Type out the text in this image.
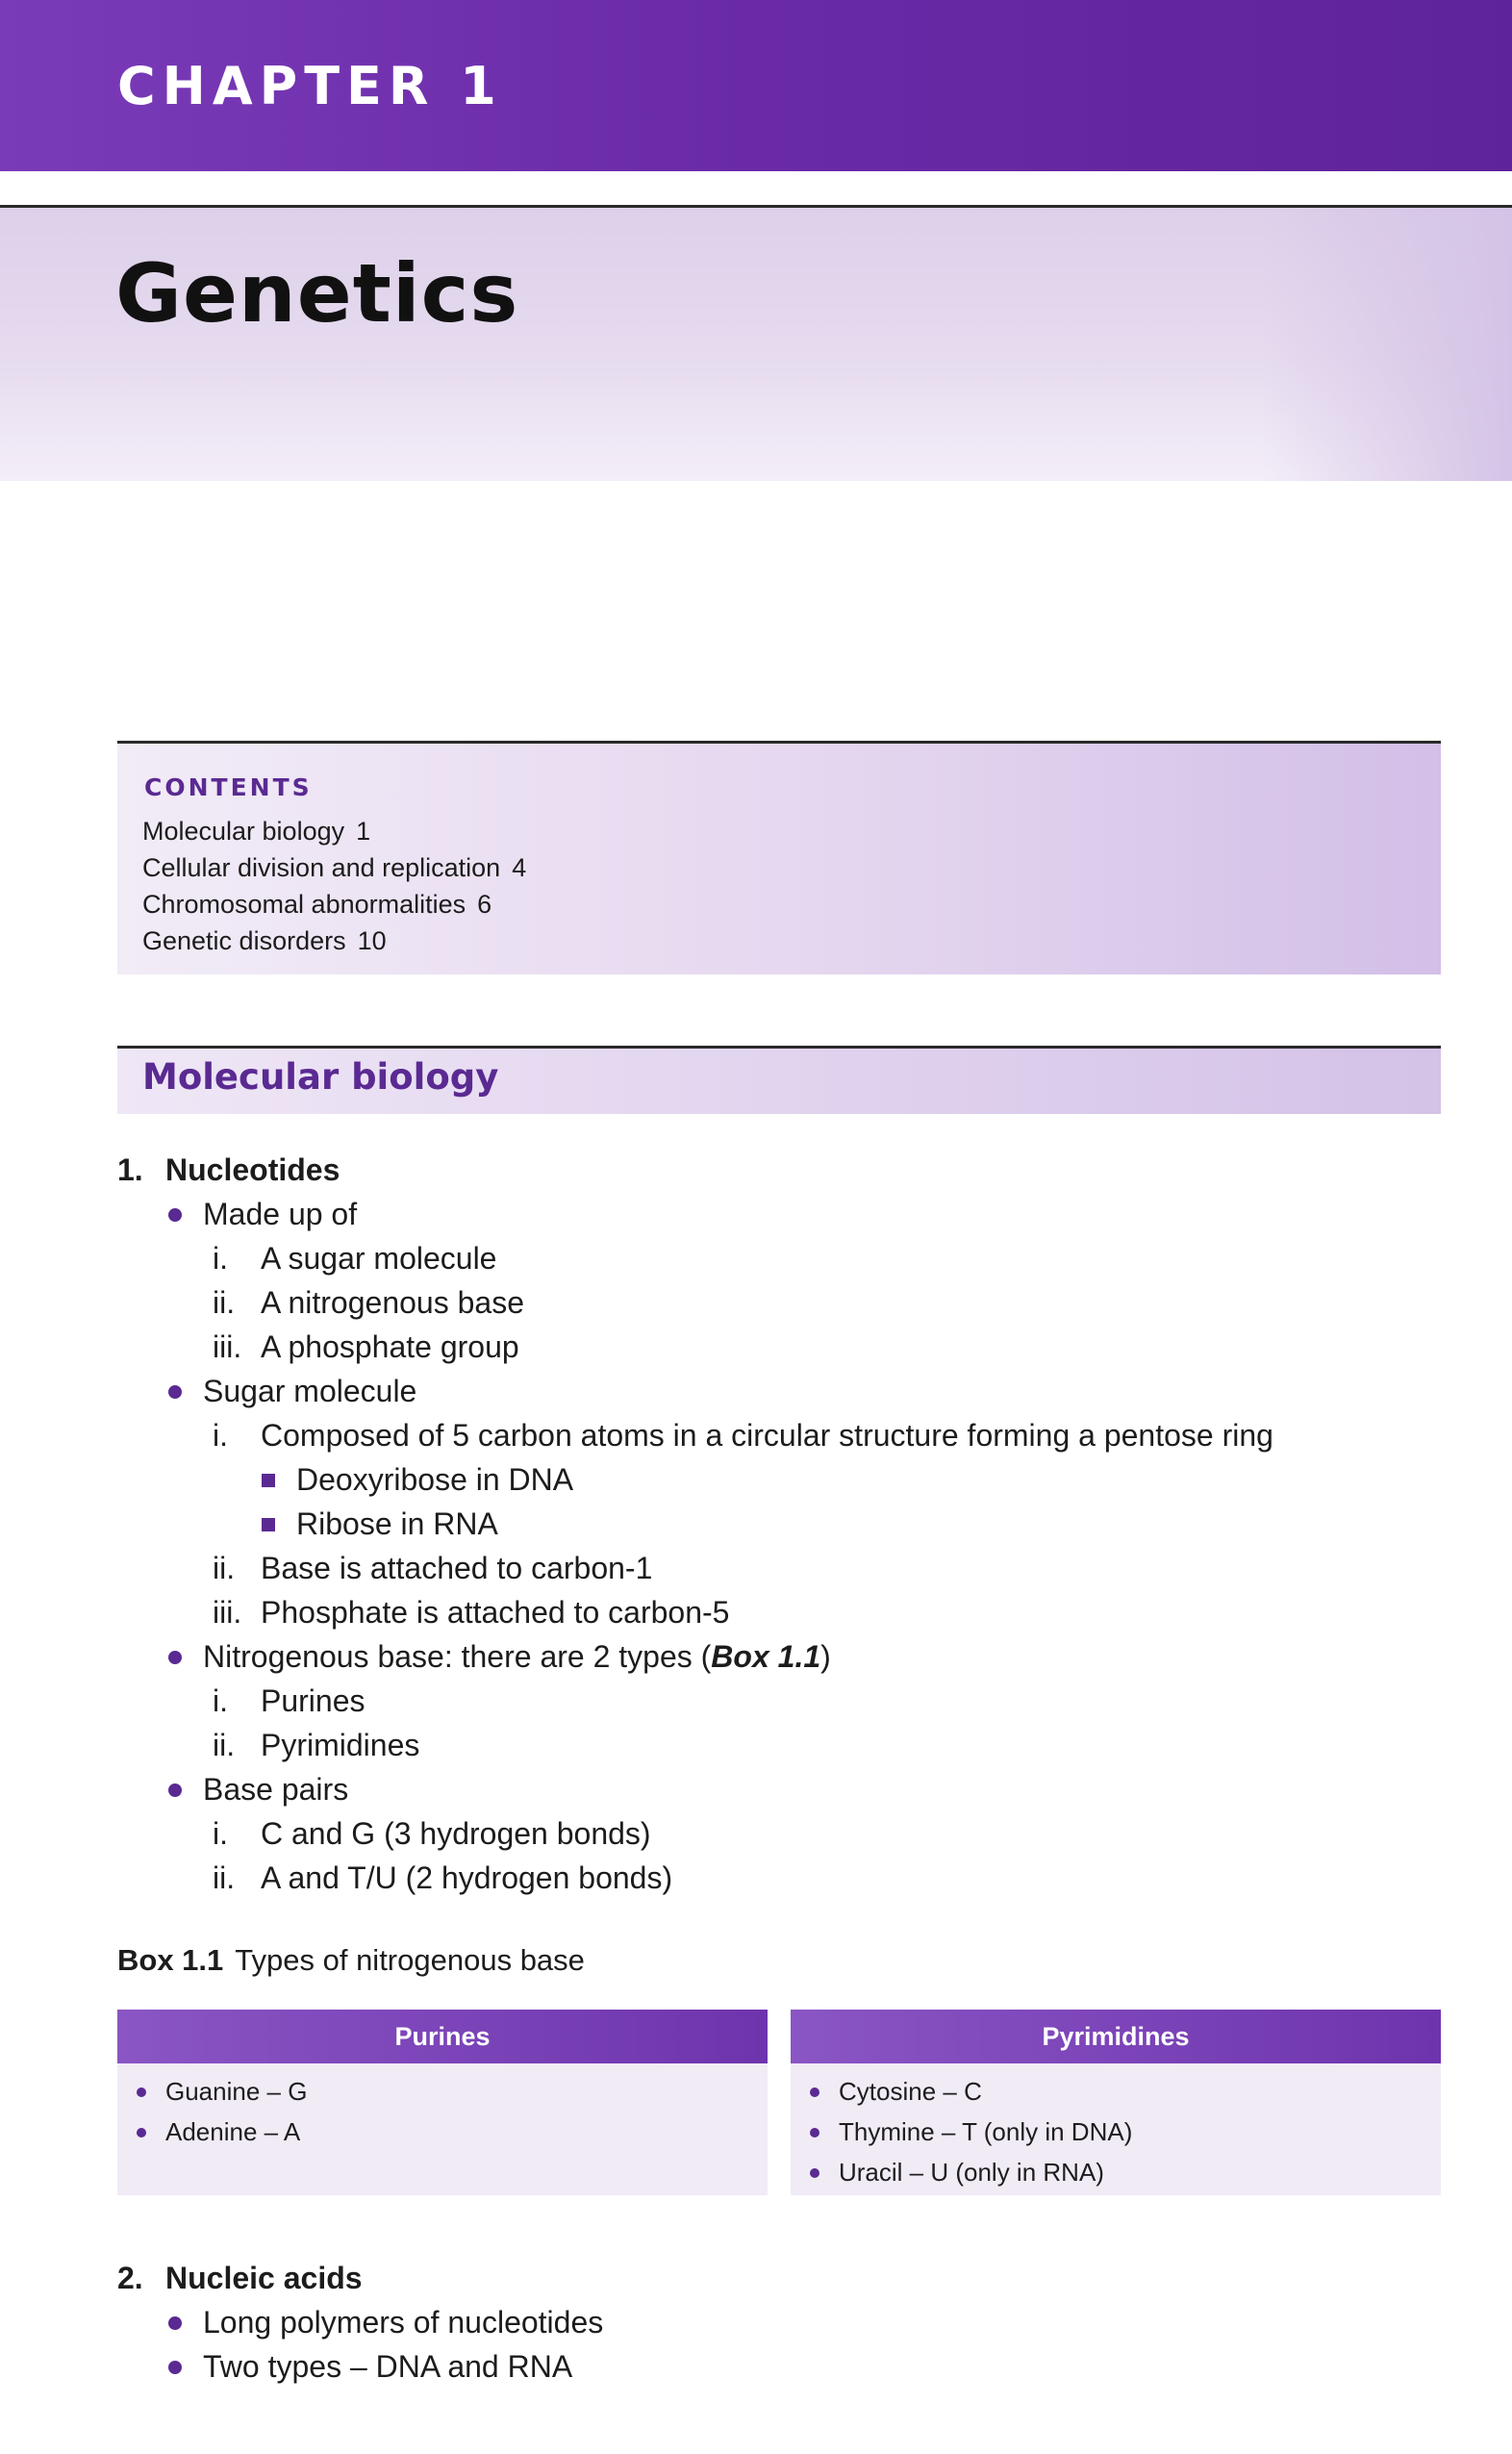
CHAPTER 1
Genetics
CONTENTS
Molecular biology 1
Cellular division and replication 4
Chromosomal abnormalities 6
Genetic disorders 10
Molecular biology
1. Nucleotides
Made up of
i. A sugar molecule
ii. A nitrogenous base
iii. A phosphate group
Sugar molecule
i. Composed of 5 carbon atoms in a circular structure forming a pentose ring
Deoxyribose in DNA
Ribose in RNA
ii. Base is attached to carbon-1
iii. Phosphate is attached to carbon-5
Nitrogenous base: there are 2 types (Box 1.1)
i. Purines
ii. Pyrimidines
Base pairs
i. C and G (3 hydrogen bonds)
ii. A and T/U (2 hydrogen bonds)
Box 1.1 Types of nitrogenous base
Purines
Guanine – G
Adenine – A
Pyrimidines
Cytosine – C
Thymine – T (only in DNA)
Uracil – U (only in RNA)
2. Nucleic acids
Long polymers of nucleotides
Two types – DNA and RNA
